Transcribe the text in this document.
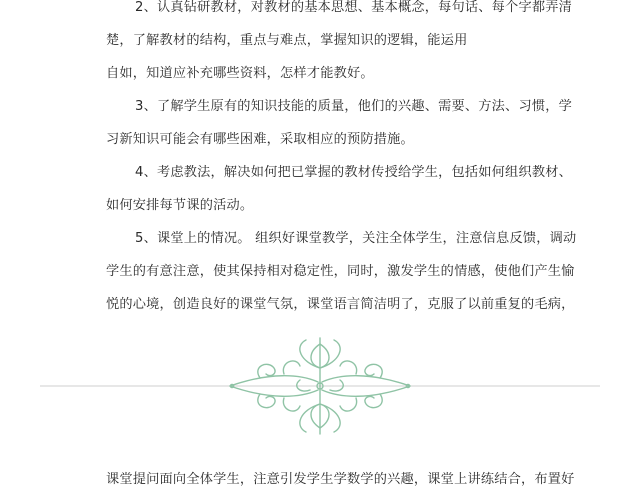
2、认真钻研教材，对教材的基本思想、基本概念，每句话、每个字都弄清
楚，了解教材的结构，重点与难点，掌握知识的逻辑，能运用
自如，知道应补充哪些资料，怎样才能教好。
3、了解学生原有的知识技能的质量，他们的兴趣、需要、方法、习惯，学
习新知识可能会有哪些困难，采取相应的预防措施。
4、考虑教法，解决如何把已掌握的教材传授给学生，包括如何组织教材、
如何安排每节课的活动。
5、课堂上的情况。 组织好课堂教学，关注全体学生，注意信息反馈，调动
学生的有意注意，使其保持相对稳定性，同时，激发学生的情感，使他们产生愉
悦的心境，创造良好的课堂气氛，课堂语言简洁明了，克服了以前重复的毛病，
课堂提问面向全体学生，注意引发学生学数学的兴趣，课堂上讲练结合，布置好
